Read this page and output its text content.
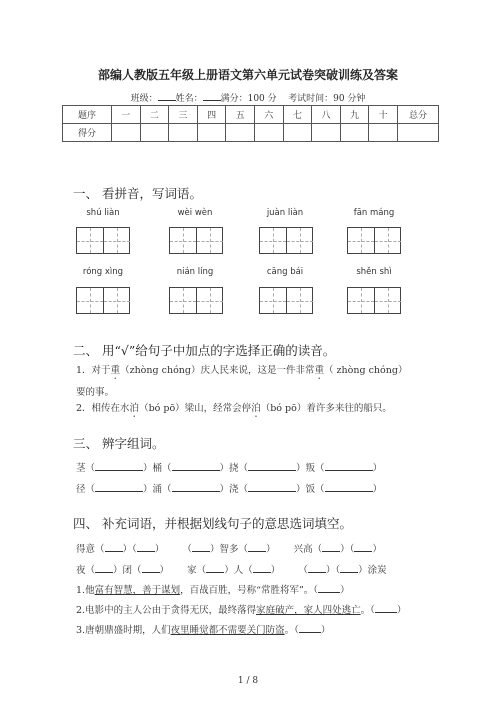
部编人教版五年级上册语文第六单元试卷突破训练及答案
班级： 姓名： 满分：100 分 考试时间：90 分钟
题序	一	二	三	四	五	六	七	八	九	十	总分
得分											
一、 看拼音，写词语。
shú liàn	wèi wèn	juàn liàn	fān máng
róng xìng	nián líng	cāng bái	shěn shì
二、 用“√”给句子中加点的字选择正确的读音。
1．对于重（zhòng chóng）庆人民来说，这是一件非常重（ zhòng chóng）
要的事。
2．相传在水泊（bó pō）梁山，经常会停泊（bó pō）着许多来往的船只。
三、 辨字组词。
茎（	）桶（	）挠（	）叛（	）
径（	）涌（	）浇（	）饭（	）
四、 补充词语，并根据划线句子的意思选词填空。
得意（ ）（ ） （ ）智多（ ） 兴高（ ）（ ）
夜（ ）闭（ ） 家（ ）人（ ） （ ）（ ）涂炭
1.他富有智慧，善于谋划，百战百胜，号称“常胜将军”。（ ）
2.电影中的主人公由于贪得无厌，最终落得家庭破产，家人四处逃亡。（ ）
3.唐朝鼎盛时期，人们夜里睡觉都不需要关门防盗。（ ）
1 / 8
